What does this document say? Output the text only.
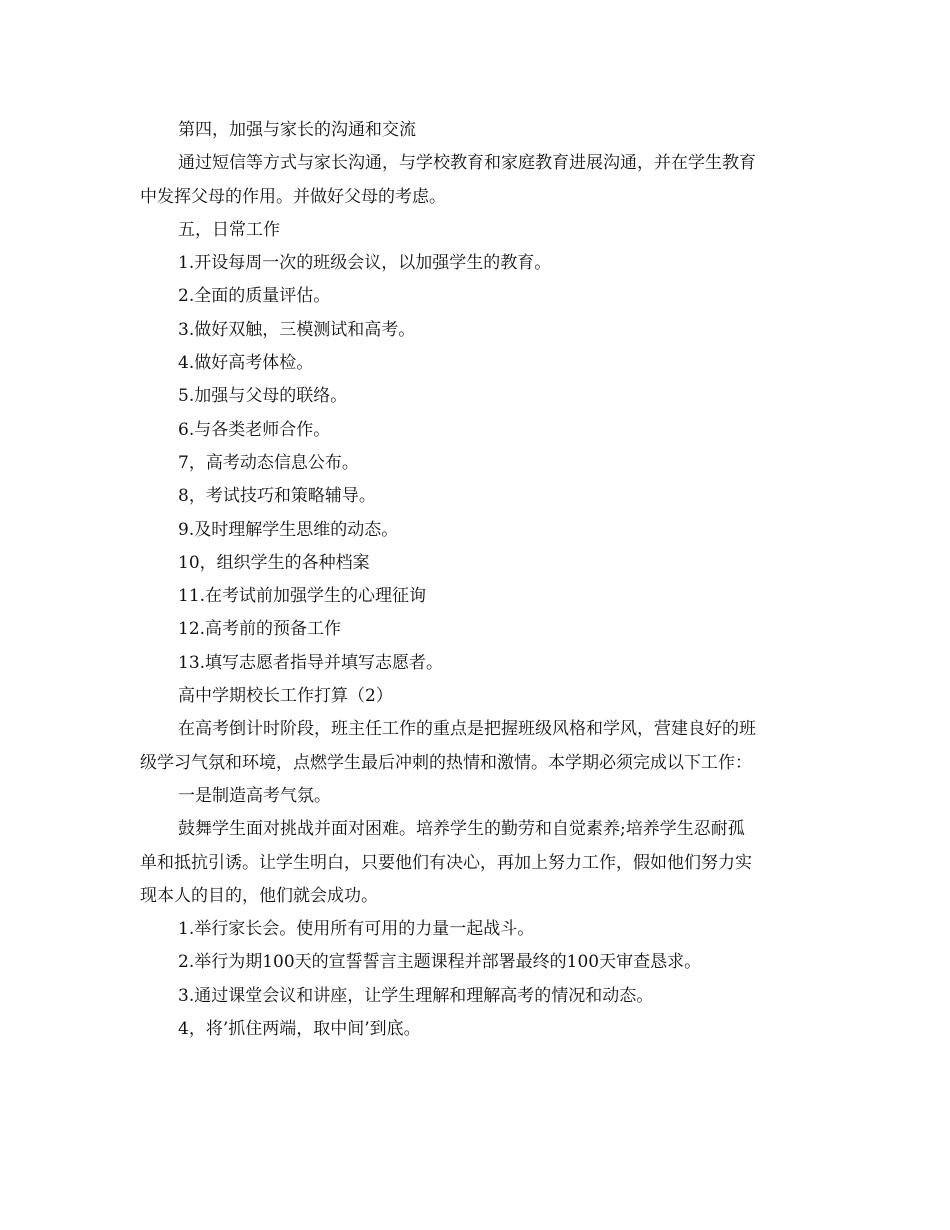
第四，加强与家长的沟通和交流
通过短信等方式与家长沟通，与学校教育和家庭教育进展沟通，并在学生教育
中发挥父母的作用。并做好父母的考虑。
五，日常工作
1.开设每周一次的班级会议，以加强学生的教育。
2.全面的质量评估。
3.做好双触，三模测试和高考。
4.做好高考体检。
5.加强与父母的联络。
6.与各类老师合作。
7，高考动态信息公布。
8，考试技巧和策略辅导。
9.及时理解学生思维的动态。
10，组织学生的各种档案
11.在考试前加强学生的心理征询
12.高考前的预备工作
13.填写志愿者指导并填写志愿者。
高中学期校长工作打算（2）
在高考倒计时阶段，班主任工作的重点是把握班级风格和学风，营建良好的班
级学习气氛和环境，点燃学生最后冲刺的热情和激情。本学期必须完成以下工作：
一是制造高考气氛。
鼓舞学生面对挑战并面对困难。培养学生的勤劳和自觉素养;培养学生忍耐孤
单和抵抗引诱。让学生明白，只要他们有决心，再加上努力工作，假如他们努力实
现本人的目的，他们就会成功。
1.举行家长会。使用所有可用的力量一起战斗。
2.举行为期100天的宣誓誓言主题课程并部署最终的100天审查恳求。
3.通过课堂会议和讲座，让学生理解和理解高考的情况和动态。
4，将’抓住两端，取中间’到底。
